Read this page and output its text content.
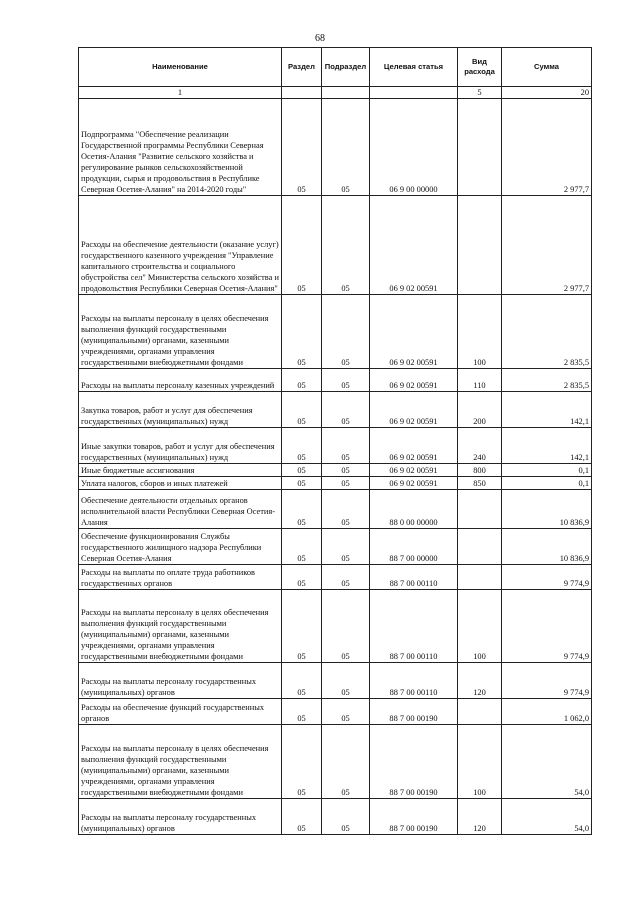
68
Наименование	Раздел	Подраздел	Целевая статья	Вид расхода	Сумма
1				5	20
Подпрограмма "Обеспечение реализации Государственной программы Республики Северная Осетия-Алания "Развитие сельского хозяйства и регулирование рынков сельскохозяйственной продукции, сырья и продовольствия в Республике Северная Осетия-Алания" на 2014-2020 годы"	05	05	06 9 00 00000		2 977,7
Расходы на обеспечение деятельности (оказание услуг) государственного казенного учреждения "Управление капитального строительства и социального обустройства сел" Министерства сельского хозяйства и продовольствия Республики Северная Осетия-Алания"	05	05	06 9 02 00591		2 977,7
Расходы на выплаты персоналу в целях обеспечения выполнения функций государственными (муниципальными) органами, казенными учреждениями, органами управления государственными внебюджетными фондами	05	05	06 9 02 00591	100	2 835,5
Расходы на выплаты персоналу казенных учреждений	05	05	06 9 02 00591	110	2 835,5
Закупка товаров, работ и услуг для обеспечения государственных (муниципальных) нужд	05	05	06 9 02 00591	200	142,1
Иные закупки товаров, работ и услуг для обеспечения государственных (муниципальных) нужд	05	05	06 9 02 00591	240	142,1
Иные бюджетные ассигнования	05	05	06 9 02 00591	800	0,1
Уплата налогов, сборов и иных платежей	05	05	06 9 02 00591	850	0,1
Обеспечение деятельности отдельных органов исполнительной власти Республики Северная Осетия-Алания	05	05	88 0 00 00000		10 836,9
Обеспечение функционирования Службы государственного жилищного надзора Республики Северная Осетия-Алания	05	05	88 7 00 00000		10 836,9
Расходы на выплаты по оплате труда работников государственных органов	05	05	88 7 00 00110		9 774,9
Расходы на выплаты персоналу в целях обеспечения выполнения функций государственными (муниципальными) органами, казенными учреждениями, органами управления государственными внебюджетными фондами	05	05	88 7 00 00110	100	9 774,9
Расходы на выплаты персоналу государственных (муниципальных) органов	05	05	88 7 00 00110	120	9 774,9
Расходы на обеспечение функций государственных органов	05	05	88 7 00 00190		1 062,0
Расходы на выплаты персоналу в целях обеспечения выполнения функций государственными (муниципальными) органами, казенными учреждениями, органами управления государственными внебюджетными фондами	05	05	88 7 00 00190	100	54,0
Расходы на выплаты персоналу государственных (муниципальных) органов	05	05	88 7 00 00190	120	54,0
